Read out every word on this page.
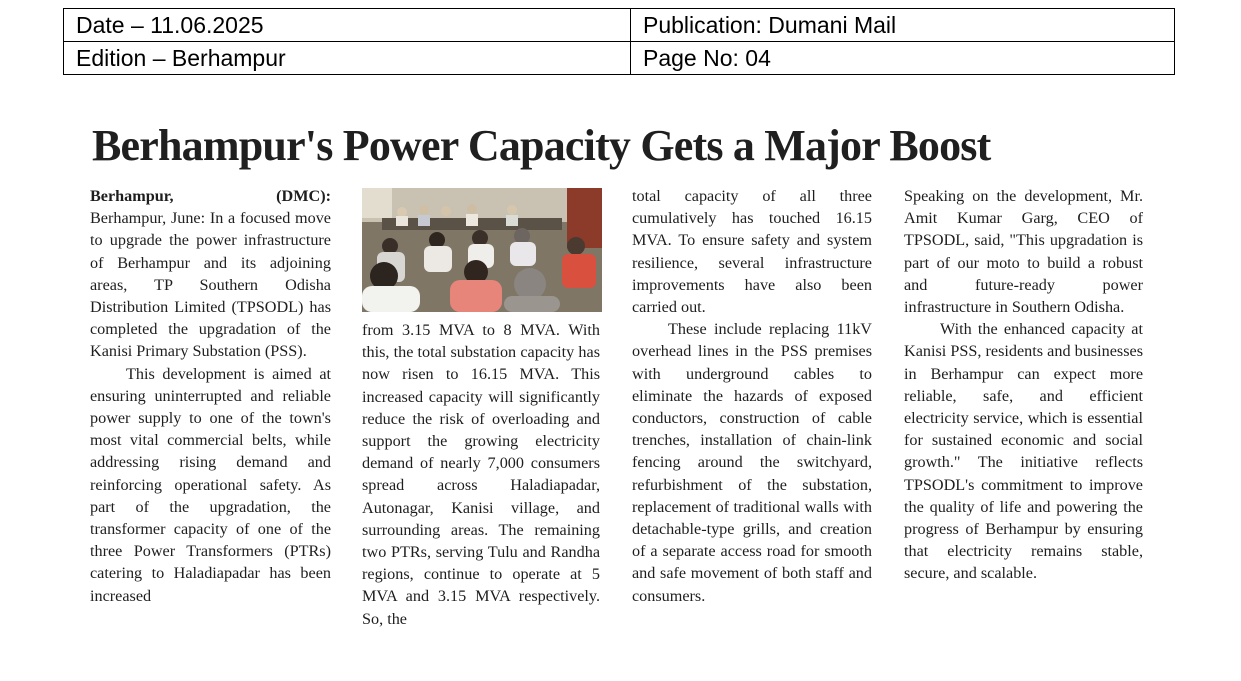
Date – 11.06.2025	Publication: Dumani Mail
Edition – Berhampur	Page No: 04
Berhampur's Power Capacity Gets a Major Boost
Berhampur,	(DMC):

Berhampur, June: In a focused move to upgrade the power infrastructure of Berhampur and its adjoining areas, TP Southern Odisha Distribution Limited (TPSODL) has completed the upgradation of the Kanisi Primary Substation (PSS).

This development is aimed at ensuring uninterrupted and reliable power supply to one of the town's most vital commercial belts, while addressing rising demand and reinforcing operational safety. As part of the upgradation, the transformer capacity of one of the three Power Transformers (PTRs) catering to Haladiapadar has been increased

from 3.15 MVA to 8 MVA. With this, the total substation capacity has now risen to 16.15 MVA. This increased capacity will significantly reduce the risk of overloading and support the growing electricity demand of nearly 7,000 consumers spread across Haladiapadar, Autonagar, Kanisi village, and surrounding areas. The remaining two PTRs, serving Tulu and Randha regions, continue to operate at 5 MVA and 3.15 MVA respectively. So, the

total capacity of all three cumulatively has touched 16.15 MVA. To ensure safety and system resilience, several infrastructure improvements have also been carried out.

These include replacing 11kV overhead lines in the PSS premises with underground cables to eliminate the hazards of exposed conductors, construction of cable trenches, installation of chain-link fencing around the switchyard, refurbishment of the substation, replacement of traditional walls with detachable-type grills, and creation of a separate access road for smooth and safe movement of both staff and consumers.

Speaking on the development, Mr. Amit Kumar Garg, CEO of TPSODL, said, "This upgradation is part of our moto to build a robust and future-ready power infrastructure in Southern Odisha.

With the enhanced capacity at Kanisi PSS, residents and businesses in Berhampur can expect more reliable, safe, and efficient electricity service, which is essential for sustained economic and social growth." The initiative reflects TPSODL's commitment to improve the quality of life and powering the progress of Berhampur by ensuring that electricity remains stable, secure, and scalable.
